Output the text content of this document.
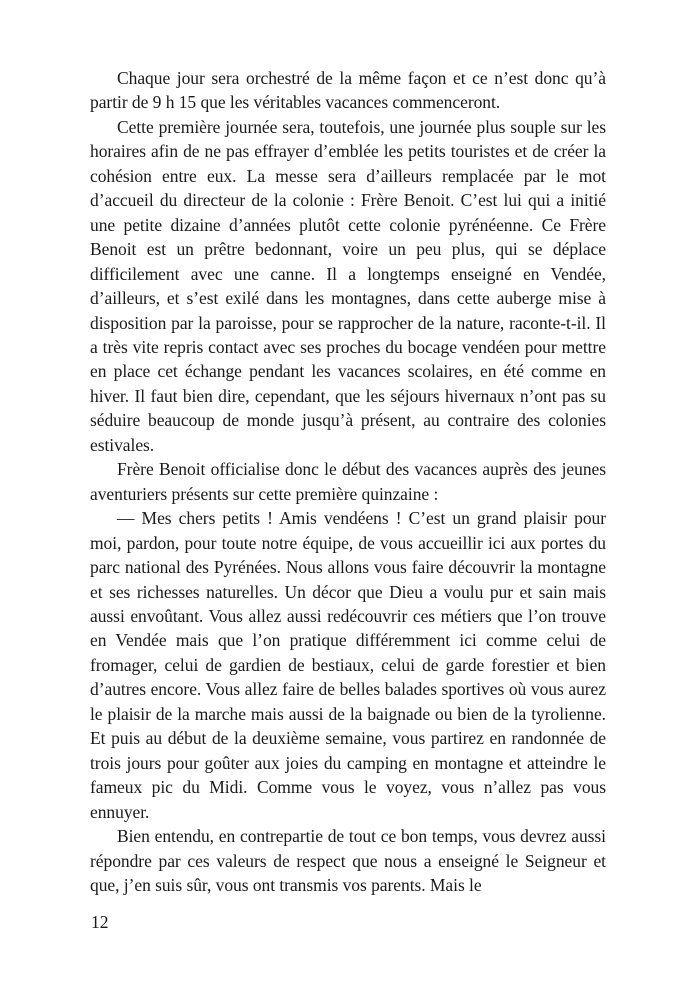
Chaque jour sera orchestré de la même façon et ce n’est donc qu’à partir de 9 h 15 que les véritables vacances commenceront.

Cette première journée sera, toutefois, une journée plus souple sur les horaires afin de ne pas effrayer d’emblée les petits touristes et de créer la cohésion entre eux. La messe sera d’ailleurs remplacée par le mot d’accueil du directeur de la colonie : Frère Benoit. C’est lui qui a initié une petite dizaine d’années plutôt cette colonie pyrénéenne. Ce Frère Benoit est un prêtre bedonnant, voire un peu plus, qui se déplace difficilement avec une canne. Il a longtemps enseigné en Vendée, d’ailleurs, et s’est exilé dans les montagnes, dans cette auberge mise à disposition par la paroisse, pour se rapprocher de la nature, raconte-t-il. Il a très vite repris contact avec ses proches du bocage vendéen pour mettre en place cet échange pendant les vacances scolaires, en été comme en hiver. Il faut bien dire, cependant, que les séjours hivernaux n’ont pas su séduire beaucoup de monde jusqu’à présent, au contraire des colonies estivales.

Frère Benoit officialise donc le début des vacances auprès des jeunes aventuriers présents sur cette première quinzaine :

— Mes chers petits ! Amis vendéens ! C’est un grand plaisir pour moi, pardon, pour toute notre équipe, de vous accueillir ici aux portes du parc national des Pyrénées. Nous allons vous faire découvrir la montagne et ses richesses naturelles. Un décor que Dieu a voulu pur et sain mais aussi envoûtant. Vous allez aussi redécouvrir ces métiers que l’on trouve en Vendée mais que l’on pratique différemment ici comme celui de fromager, celui de gardien de bestiaux, celui de garde forestier et bien d’autres encore. Vous allez faire de belles balades sportives où vous aurez le plaisir de la marche mais aussi de la baignade ou bien de la tyrolienne. Et puis au début de la deuxième semaine, vous partirez en randonnée de trois jours pour goûter aux joies du camping en montagne et atteindre le fameux pic du Midi. Comme vous le voyez, vous n’allez pas vous ennuyer.

Bien entendu, en contrepartie de tout ce bon temps, vous devrez aussi répondre par ces valeurs de respect que nous a enseigné le Seigneur et que, j’en suis sûr, vous ont transmis vos parents. Mais le

12
